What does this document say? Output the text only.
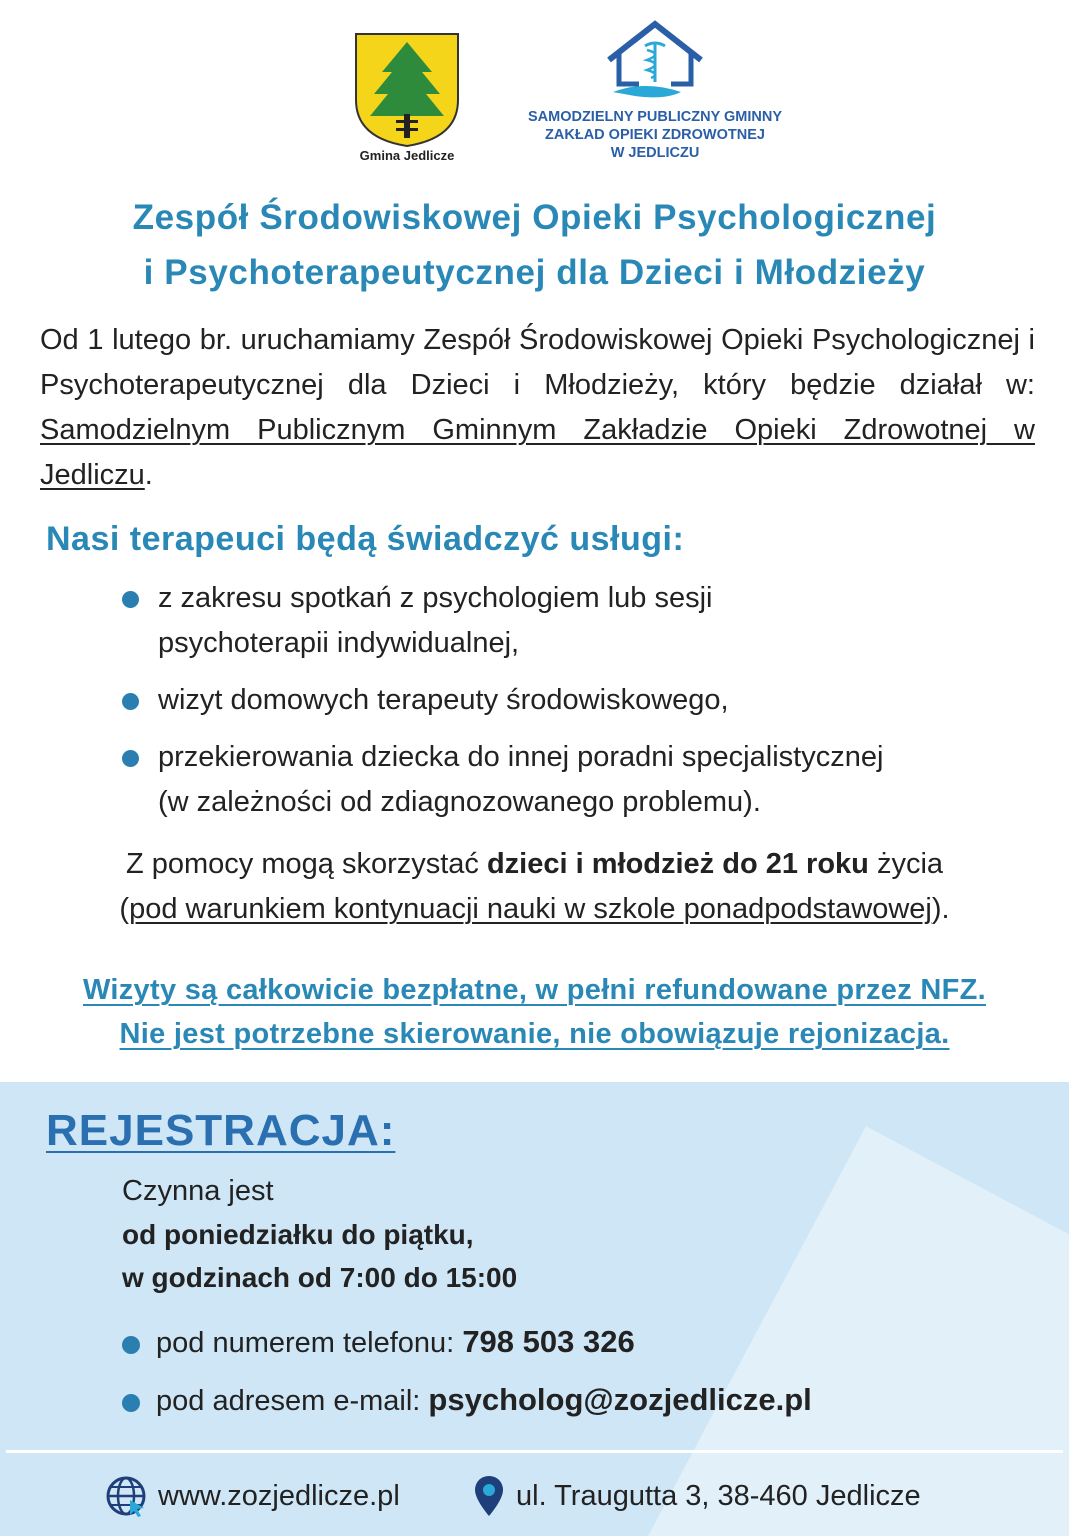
Gmina Jedlicze
SAMODZIELNY PUBLICZNY GMINNY
ZAKŁAD OPIEKI ZDROWOTNEJ
W JEDLICZU
Zespół Środowiskowej Opieki Psychologicznej
i Psychoterapeutycznej dla Dzieci i Młodzieży
Od 1 lutego br. uruchamiamy Zespół Środowiskowej Opieki Psychologicznej i Psychoterapeutycznej dla Dzieci i Młodzieży, który będzie działał w: Samodzielnym Publicznym Gminnym Zakładzie Opieki Zdrowotnej w Jedliczu.
Nasi terapeuci będą świadczyć usługi:
z zakresu spotkań z psychologiem lub sesji
psychoterapii indywidualnej,
wizyt domowych terapeuty środowiskowego,
przekierowania dziecka do innej poradni specjalistycznej
(w zależności od zdiagnozowanego problemu).
Z pomocy mogą skorzystać dzieci i młodzież do 21 roku życia
(pod warunkiem kontynuacji nauki w szkole ponadpodstawowej).
Wizyty są całkowicie bezpłatne, w pełni refundowane przez NFZ.
Nie jest potrzebne skierowanie, nie obowiązuje rejonizacja.
REJESTRACJA:
Czynna jest
od poniedziałku do piątku,
w godzinach od 7:00 do 15:00
pod numerem telefonu: 798 503 326
pod adresem e-mail: psycholog@zozjedlicze.pl
www.zozjedlicze.pl	ul. Traugutta 3, 38-460 Jedlicze
